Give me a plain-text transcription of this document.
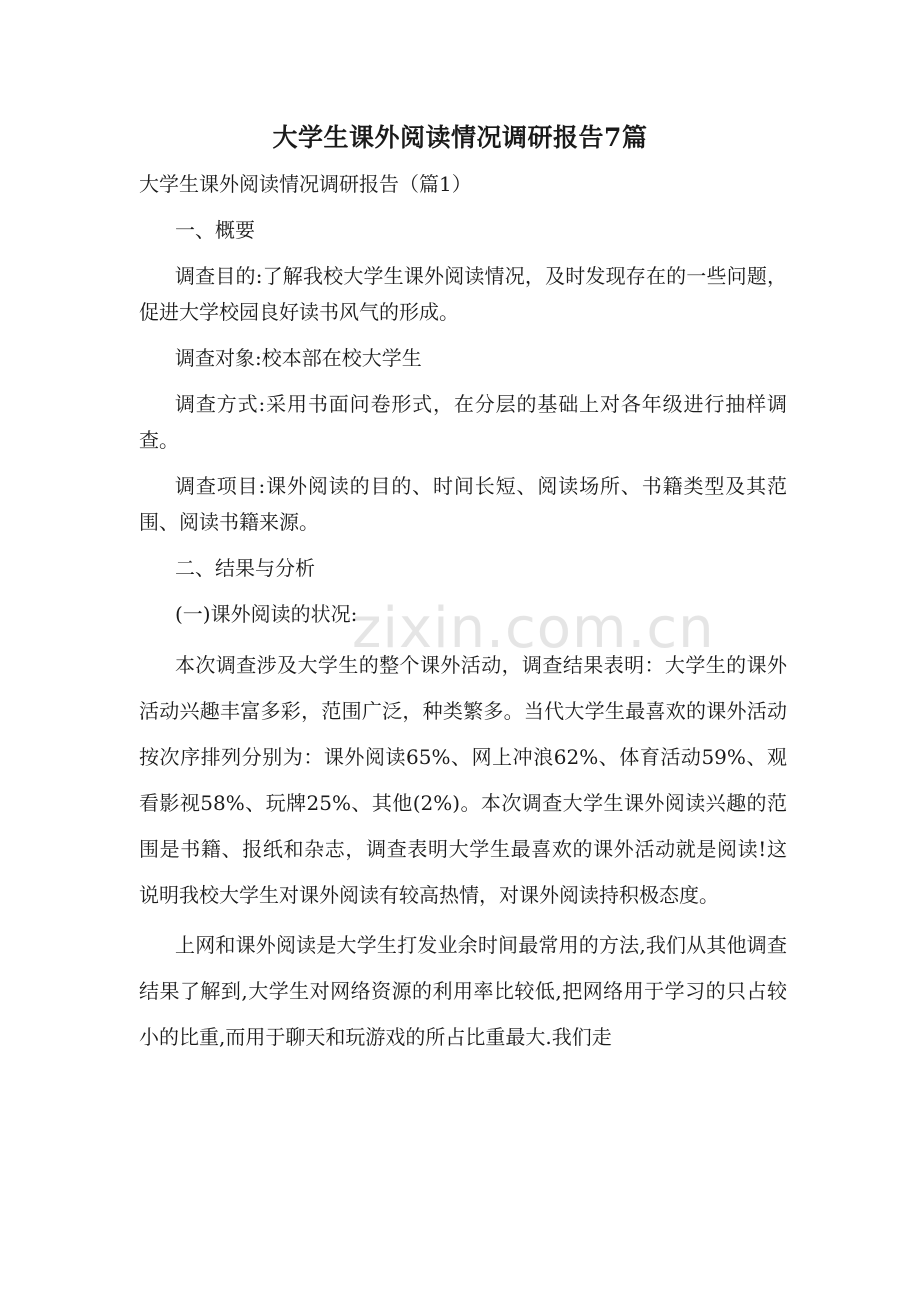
大学生课外阅读情况调研报告7篇

大学生课外阅读情况调研报告（篇1）

一、概要

调查目的:了解我校大学生课外阅读情况，及时发现存在的一些问题，促进大学校园良好读书风气的形成。

调查对象:校本部在校大学生

调查方式:采用书面问卷形式，在分层的基础上对各年级进行抽样调查。

调查项目:课外阅读的目的、时间长短、阅读场所、书籍类型及其范围、阅读书籍来源。

二、结果与分析

(一)课外阅读的状况:

本次调查涉及大学生的整个课外活动，调查结果表明：大学生的课外活动兴趣丰富多彩，范围广泛，种类繁多。当代大学生最喜欢的课外活动按次序排列分别为：课外阅读65%、网上冲浪62%、体育活动59%、观看影视58%、玩牌25%、其他(2%)。本次调查大学生课外阅读兴趣的范围是书籍、报纸和杂志，调查表明大学生最喜欢的课外活动就是阅读!这说明我校大学生对课外阅读有较高热情，对课外阅读持积极态度。

上网和课外阅读是大学生打发业余时间最常用的方法,我们从其他调查结果了解到,大学生对网络资源的利用率比较低,把网络用于学习的只占较小的比重,而用于聊天和玩游戏的所占比重最大.我们走

zixin.com.cn
